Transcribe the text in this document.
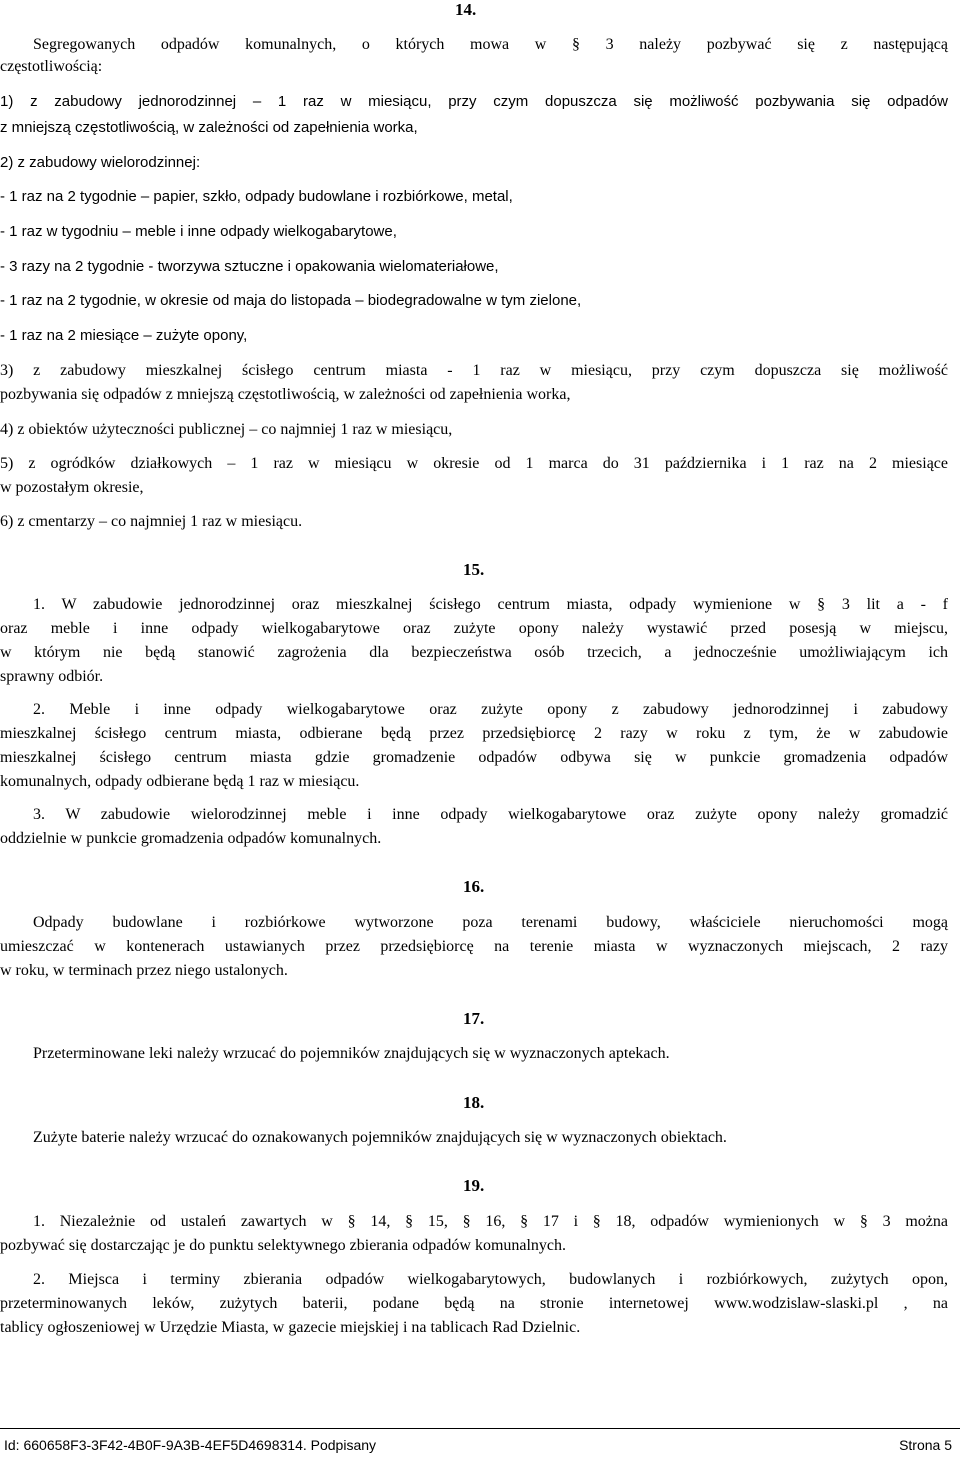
14.

Segregowanych odpadów komunalnych, o których mowa w § 3 należy pozbywać się z następującą

częstotliwością:

1) z zabudowy jednorodzinnej – 1 raz w miesiącu, przy czym dopuszcza się możliwość pozbywania się odpadów

z mniejszą częstotliwością, w zależności od zapełnienia worka,

2) z zabudowy wielorodzinnej:

- 1 raz na 2 tygodnie – papier, szkło, odpady budowlane i rozbiórkowe, metal,

- 1 raz w tygodniu – meble i inne odpady wielkogabarytowe,

- 3 razy na 2 tygodnie - tworzywa sztuczne i opakowania wielomateriałowe,

- 1 raz na 2 tygodnie, w okresie od maja do listopada – biodegradowalne w tym zielone,

- 1 raz na 2 miesiące – zużyte opony,

3) z zabudowy mieszkalnej ścisłego centrum miasta - 1 raz w miesiącu, przy czym dopuszcza się możliwość

pozbywania się odpadów z mniejszą częstotliwością, w zależności od zapełnienia worka,

4) z obiektów użyteczności publicznej – co najmniej 1 raz w miesiącu,

5) z ogródków działkowych – 1 raz w miesiącu w okresie od 1 marca do 31 października i 1 raz na 2 miesiące

w pozostałym okresie,

6) z cmentarzy – co najmniej 1 raz w miesiącu.

15.

1. W zabudowie jednorodzinnej oraz mieszkalnej ścisłego centrum miasta, odpady wymienione w § 3 lit a - f

oraz meble i inne odpady wielkogabarytowe oraz zużyte opony należy wystawić przed posesją w miejscu,

w którym nie będą stanowić zagrożenia dla bezpieczeństwa osób trzecich, a jednocześnie umożliwiającym ich

sprawny odbiór.

2. Meble i inne odpady wielkogabarytowe oraz zużyte opony z zabudowy jednorodzinnej i zabudowy

mieszkalnej ścisłego centrum miasta, odbierane będą przez przedsiębiorcę 2 razy w roku z tym, że w zabudowie

mieszkalnej ścisłego centrum miasta gdzie gromadzenie odpadów odbywa się w punkcie gromadzenia odpadów

komunalnych, odpady odbierane będą 1 raz w miesiącu.

3. W zabudowie wielorodzinnej meble i inne odpady wielkogabarytowe oraz zużyte opony należy gromadzić

oddzielnie w punkcie gromadzenia odpadów komunalnych.

16.

Odpady budowlane i rozbiórkowe wytworzone poza terenami budowy, właściciele nieruchomości mogą

umieszczać w kontenerach ustawianych przez przedsiębiorcę na terenie miasta w wyznaczonych miejscach, 2 razy

w roku, w terminach przez niego ustalonych.

17.

Przeterminowane leki należy wrzucać do pojemników znajdujących się w wyznaczonych aptekach.

18.

Zużyte baterie należy wrzucać do oznakowanych pojemników znajdujących się w wyznaczonych obiektach.

19.

1. Niezależnie od ustaleń zawartych w § 14, § 15, § 16, § 17 i § 18, odpadów wymienionych w § 3 można

pozbywać się dostarczając je do punktu selektywnego zbierania odpadów komunalnych.

2. Miejsca i terminy zbierania odpadów wielkogabarytowych, budowlanych i rozbiórkowych, zużytych opon,

przeterminowanych leków, zużytych baterii, podane będą na stronie internetowej www.wodzislaw-slaski.pl , na

tablicy ogłoszeniowej w Urzędzie Miasta, w gazecie miejskiej i na tablicach Rad Dzielnic.

Id: 660658F3-3F42-4B0F-9A3B-4EF5D4698314. Podpisany	Strona 5
